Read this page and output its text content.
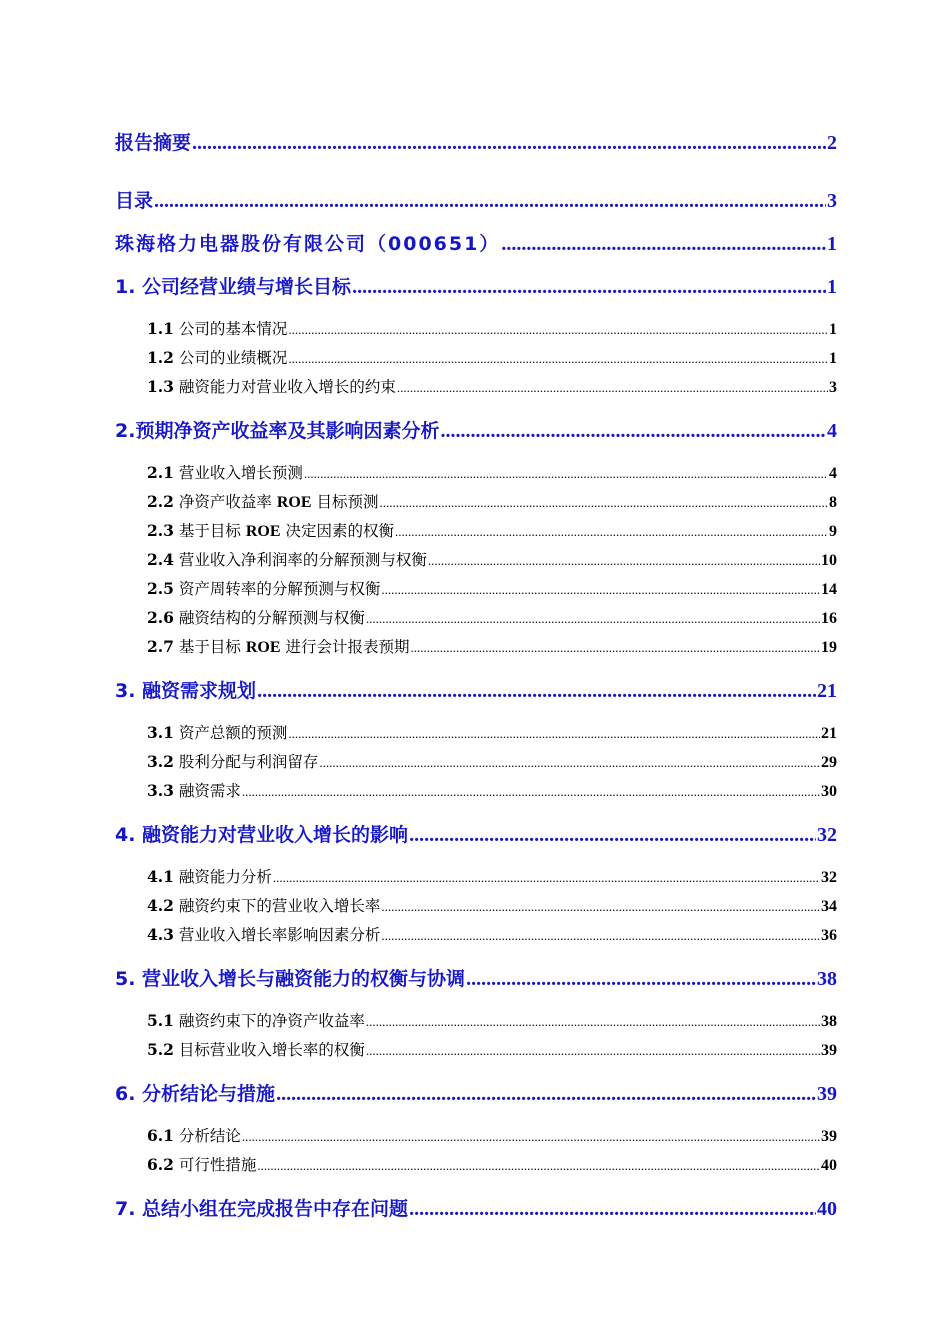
报告摘要 .....	2
目录 .....	3
珠海格力电器股份有限公司（000651） .....	1
1. 公司经营业绩与增长目标 .....	1
1.1 公司的基本情况 .....	1
1.2 公司的业绩概况 .....	1
1.3 融资能力对营业收入增长的约束 .....	3
2.预期净资产收益率及其影响因素分析 .....	4
2.1 营业收入增长预测 .....	4
2.2 净资产收益率 ROE 目标预测 .....	8
2.3 基于目标 ROE 决定因素的权衡 .....	9
2.4 营业收入净利润率的分解预测与权衡 .....	10
2.5 资产周转率的分解预测与权衡 .....	14
2.6 融资结构的分解预测与权衡 .....	16
2.7 基于目标 ROE 进行会计报表预期 .....	19
3. 融资需求规划 .....	21
3.1 资产总额的预测 .....	21
3.2 股利分配与利润留存 .....	29
3.3 融资需求 .....	30
4. 融资能力对营业收入增长的影响 .....	32
4.1 融资能力分析 .....	32
4.2 融资约束下的营业收入增长率 .....	34
4.3 营业收入增长率影响因素分析 .....	36
5. 营业收入增长与融资能力的权衡与协调 .....	38
5.1 融资约束下的净资产收益率 .....	38
5.2 目标营业收入增长率的权衡 .....	39
6. 分析结论与措施 .....	39
6.1 分析结论 .....	39
6.2 可行性措施 .....	40
7. 总结小组在完成报告中存在问题 .....	40
